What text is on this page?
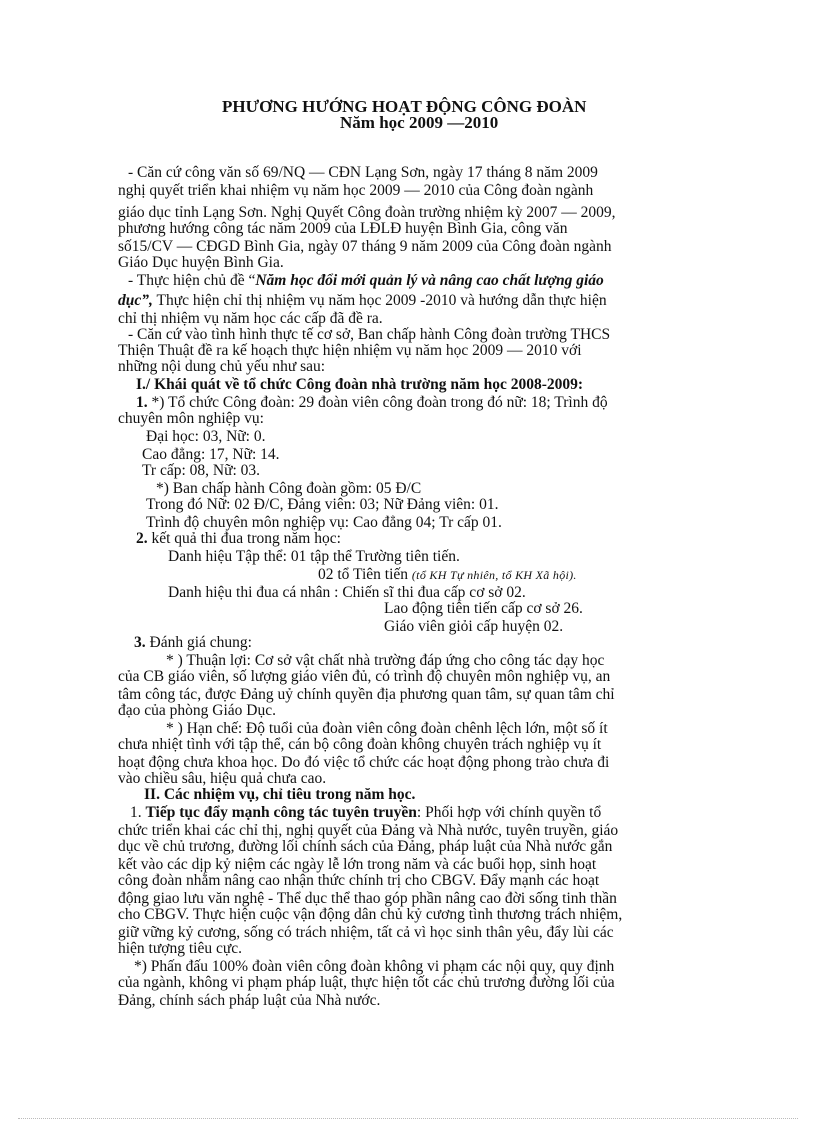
PHƯƠNG HƯỚNG HOẠT ĐỘNG CÔNG ĐOÀN
Năm học 2009 —2010
- Căn cứ công văn số 69/NQ — CĐN Lạng Sơn, ngày 17 tháng 8 năm 2009
nghị quyết triển khai nhiệm vụ năm học 2009 — 2010 của Công đoàn ngành
giáo dục tỉnh Lạng Sơn. Nghị Quyết Công đoàn trường nhiệm kỳ 2007 — 2009,
phương hướng công tác năm 2009 của LĐLĐ huyện Bình Gia, công văn
số15/CV — CĐGD Bình Gia, ngày 07 tháng 9 năm 2009 của Công đoàn ngành
Giáo Dục huyện Bình Gia.
- Thực hiện chủ đề “Năm học đổi mới quản lý và nâng cao chất lượng giáo
dục”, Thực hiện chỉ thị nhiệm vụ năm học 2009 -2010 và hướng dẫn thực hiện
chỉ thị nhiệm vụ năm học các cấp đã đề ra.
- Căn cứ vào tình hình thực tế cơ sở, Ban chấp hành Công đoàn trường THCS
Thiện Thuật đề ra kế hoạch thực hiện nhiệm vụ năm học 2009 — 2010 với
những nội dung chủ yếu như sau:
I./ Khái quát về tổ chức Công đoàn nhà trường năm học 2008-2009:
1. *) Tổ chức Công đoàn: 29 đoàn viên công đoàn trong đó nữ: 18; Trình độ
chuyên môn nghiệp vụ:
Đại học: 03, Nữ: 0.
Cao đẳng: 17, Nữ: 14.
Tr cấp: 08, Nữ: 03.
*) Ban chấp hành Công đoàn gồm: 05 Đ/C
Trong đó Nữ: 02 Đ/C, Đảng viên: 03; Nữ Đảng viên: 01.
Trình độ chuyên môn nghiệp vụ: Cao đẳng 04; Tr cấp 01.
2. kết quả thi đua trong năm học:
Danh hiệu Tập thể: 01 tập thể Trường tiên tiến.
02 tổ Tiên tiến (tổ KH Tự nhiên, tổ KH Xã hội).
Danh hiệu thi đua cá nhân : Chiến sĩ thi đua cấp cơ sở 02.
Lao động tiên tiến cấp cơ sở 26.
Giáo viên giỏi cấp huyện 02.
3. Đánh giá chung:
* ) Thuận lợi: Cơ sở vật chất nhà trường đáp ứng cho công tác dạy học
của CB giáo viên, số lượng giáo viên đủ, có trình độ chuyên môn nghiệp vụ, an
tâm công tác, được Đảng uỷ chính quyền địa phương quan tâm, sự quan tâm chỉ
đạo của phòng Giáo Dục.
* ) Hạn chế: Độ tuổi của đoàn viên công đoàn chênh lệch lớn, một số ít
chưa nhiệt tình với tập thể, cán bộ công đoàn không chuyên trách nghiệp vụ ít
hoạt động chưa khoa học. Do đó việc tổ chức các hoạt động phong trào chưa đi
vào chiều sâu, hiệu quả chưa cao.
II. Các nhiệm vụ, chỉ tiêu trong năm học.
1. Tiếp tục đẩy mạnh công tác tuyên truyền: Phối hợp với chính quyền tổ
chức triển khai các chỉ thị, nghị quyết của Đảng và Nhà nước, tuyên truyền, giáo
dục về chủ trương, đường lối chính sách của Đảng, pháp luật của Nhà nước gắn
kết vào các dịp kỷ niệm các ngày lễ lớn trong năm và các buổi họp, sinh hoạt
công đoàn nhằm nâng cao nhận thức chính trị cho CBGV. Đẩy mạnh các hoạt
động giao lưu văn nghệ - Thể dục thể thao góp phần nâng cao đời sống tinh thần
cho CBGV. Thực hiện cuộc vận động dân chủ kỷ cương tình thương trách nhiệm,
giữ vững kỷ cương, sống có trách nhiệm, tất cả vì học sinh thân yêu, đẩy lùi các
hiện tượng tiêu cực.
*) Phấn đấu 100% đoàn viên công đoàn không vi phạm các nội quy, quy định
của ngành, không vi phạm pháp luật, thực hiện tốt các chủ trương đường lối của
Đảng, chính sách pháp luật của Nhà nước.
